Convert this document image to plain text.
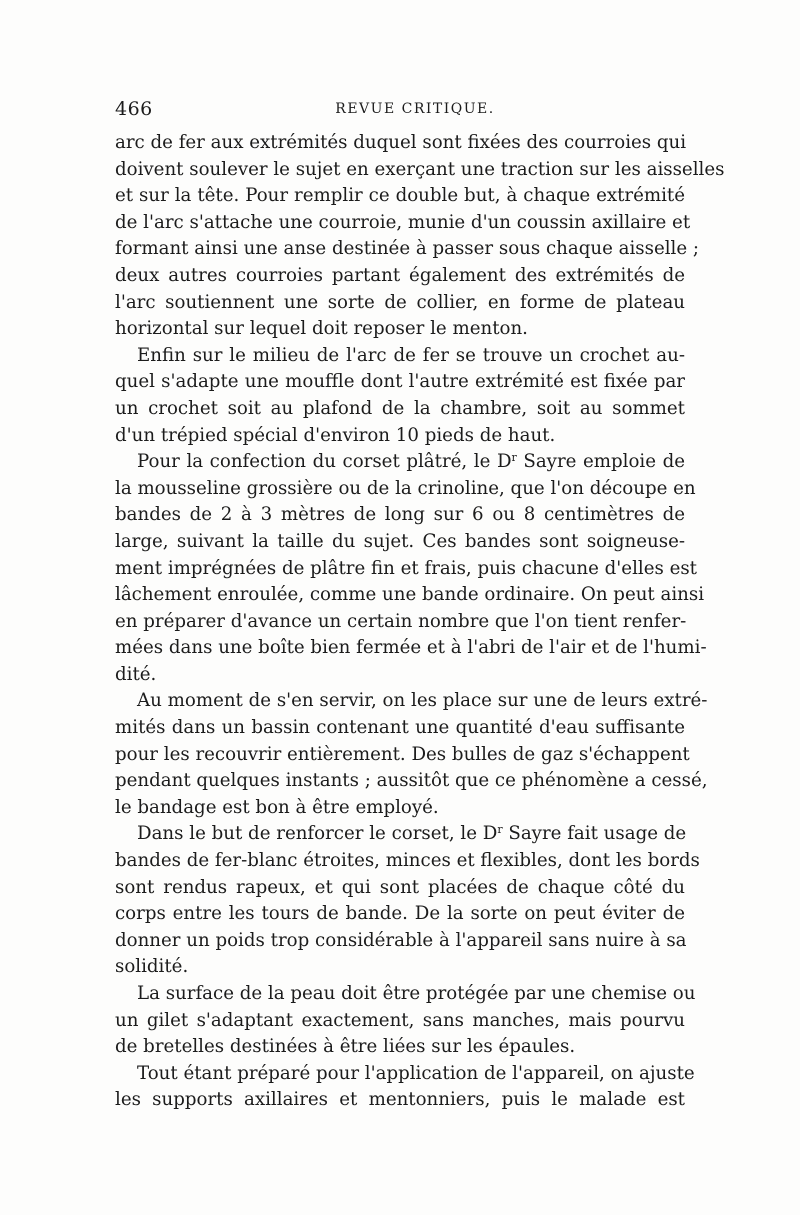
466	REVUE CRITIQUE.
arc de fer aux extrémités duquel sont fixées des courroies qui
doivent soulever le sujet en exerçant une traction sur les aisselles
et sur la tête. Pour remplir ce double but, à chaque extrémité
de l'arc s'attache une courroie, munie d'un coussin axillaire et
formant ainsi une anse destinée à passer sous chaque aisselle ;
deux autres courroies partant également des extrémités de
l'arc soutiennent une sorte de collier, en forme de plateau
horizontal sur lequel doit reposer le menton.
Enfin sur le milieu de l'arc de fer se trouve un crochet au-
quel s'adapte une mouffle dont l'autre extrémité est fixée par
un crochet soit au plafond de la chambre, soit au sommet
d'un trépied spécial d'environ 10 pieds de haut.
Pour la confection du corset plâtré, le $D^r$ Sayre emploie de
la mousseline grossière ou de la crinoline, que l'on découpe en
bandes de 2 à 3 mètres de long sur 6 ou 8 centimètres de
large, suivant la taille du sujet. Ces bandes sont soigneuse-
ment imprégnées de plâtre fin et frais, puis chacune d'elles est
lâchement enroulée, comme une bande ordinaire. On peut ainsi
en préparer d'avance un certain nombre que l'on tient renfer-
mées dans une boîte bien fermée et à l'abri de l'air et de l'humi-
dité.
Au moment de s'en servir, on les place sur une de leurs extré-
mités dans un bassin contenant une quantité d'eau suffisante
pour les recouvrir entièrement. Des bulles de gaz s'échappent
pendant quelques instants ; aussitôt que ce phénomène a cessé,
le bandage est bon à être employé.
Dans le but de renforcer le corset, le $D^r$ Sayre fait usage de
bandes de fer-blanc étroites, minces et flexibles, dont les bords
sont rendus rapeux, et qui sont placées de chaque côté du
corps entre les tours de bande. De la sorte on peut éviter de
donner un poids trop considérable à l'appareil sans nuire à sa
solidité.
La surface de la peau doit être protégée par une chemise ou
un gilet s'adaptant exactement, sans manches, mais pourvu
de bretelles destinées à être liées sur les épaules.
Tout étant préparé pour l'application de l'appareil, on ajuste
les supports axillaires et mentonniers, puis le malade est
